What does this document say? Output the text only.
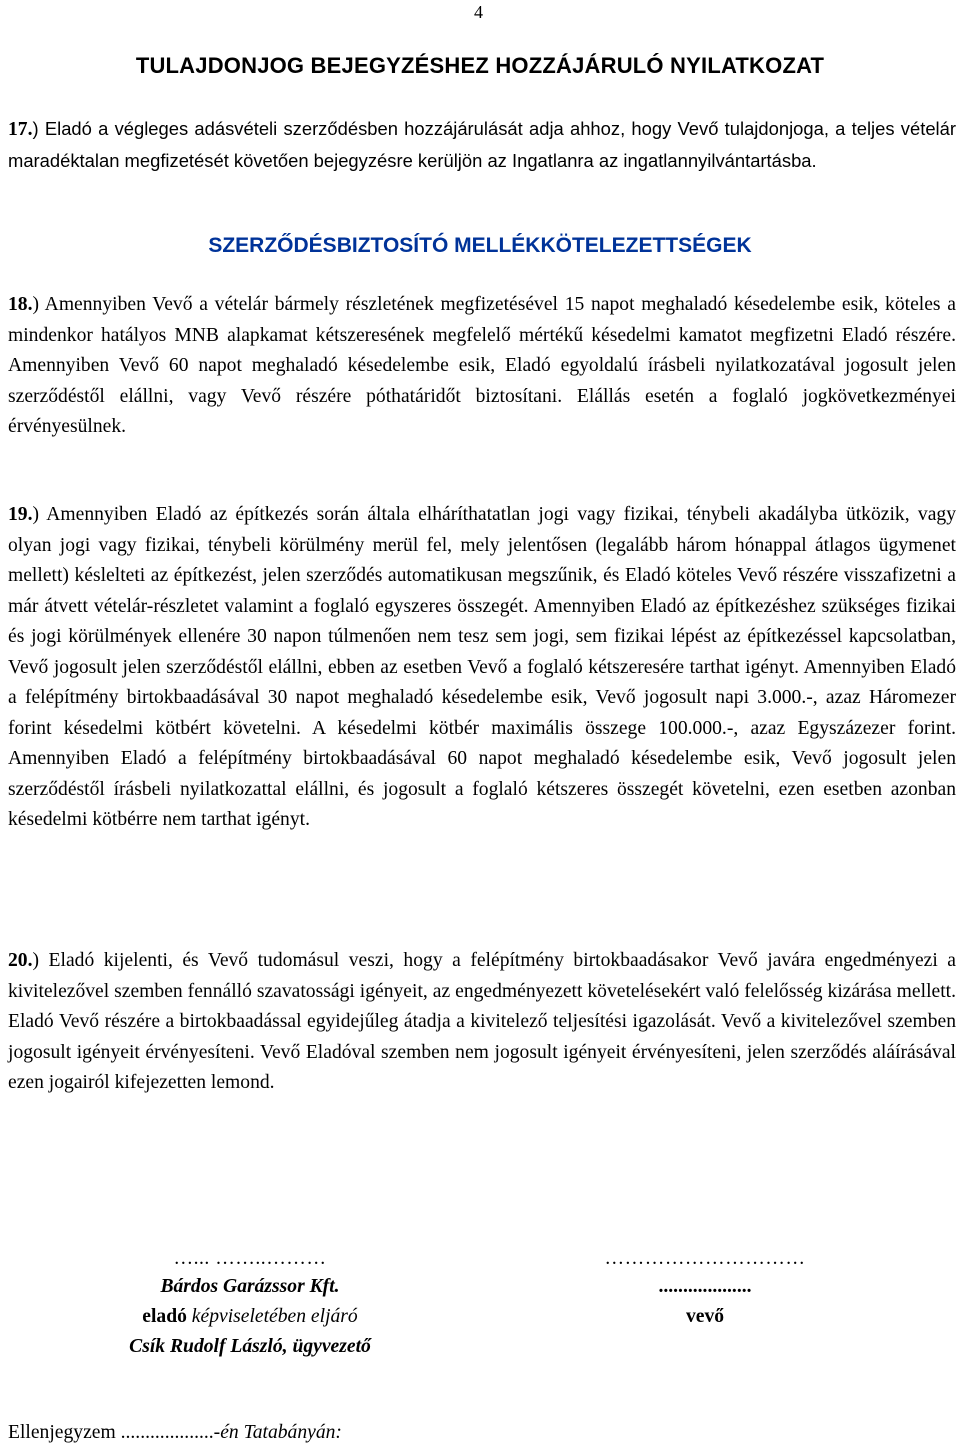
4
TULAJDONJOG BEJEGYZÉSHEZ HOZZÁJÁRULÓ NYILATKOZAT

17.) Eladó a végleges adásvételi szerződésben hozzájárulását adja ahhoz, hogy Vevő tulajdonjoga, a teljes vételár maradéktalan megfizetését követően bejegyzésre kerüljön az Ingatlanra az ingatlannyilvántartásba.

SZERZŐDÉSBIZTOSÍTÓ MELLÉKKÖTELEZETTSÉGEK

18.) Amennyiben Vevő a vételár bármely részletének megfizetésével 15 napot meghaladó késedelembe esik, köteles a mindenkor hatályos MNB alapkamat kétszeresének megfelelő mértékű késedelmi kamatot megfizetni Eladó részére. Amennyiben Vevő 60 napot meghaladó késedelembe esik, Eladó egyoldalú írásbeli nyilatkozatával jogosult jelen szerződéstől elállni, vagy Vevő részére póthatáridőt biztosítani. Elállás esetén a foglaló jogkövetkezményei érvényesülnek.

19.) Amennyiben Eladó az építkezés során általa elháríthatatlan jogi vagy fizikai, ténybeli akadályba ütközik, vagy olyan jogi vagy fizikai, ténybeli körülmény merül fel, mely jelentősen (legalább három hónappal átlagos ügymenet mellett) késlelteti az építkezést, jelen szerződés automatikusan megszűnik, és Eladó köteles Vevő részére visszafizetni a már átvett vételár-részletet valamint a foglaló egyszeres összegét. Amennyiben Eladó az építkezéshez szükséges fizikai és jogi körülmények ellenére 30 napon túlmenően nem tesz sem jogi, sem fizikai lépést az építkezéssel kapcsolatban, Vevő jogosult jelen szerződéstől elállni, ebben az esetben Vevő a foglaló kétszeresére tarthat igényt. Amennyiben Eladó a felépítmény birtokbaadásával 30 napot meghaladó késedelembe esik, Vevő jogosult napi 3.000.-, azaz Háromezer forint késedelmi kötbért követelni. A késedelmi kötbér maximális összege 100.000.-, azaz Egyszázezer forint. Amennyiben Eladó a felépítmény birtokbaadásával 60 napot meghaladó késedelembe esik, Vevő jogosult jelen szerződéstől írásbeli nyilatkozattal elállni, és jogosult a foglaló kétszeres összegét követelni, ezen esetben azonban késedelmi kötbérre nem tarthat igényt.

20.) Eladó kijelenti, és Vevő tudomásul veszi, hogy a felépítmény birtokbaadásakor Vevő javára engedményezi a kivitelezővel szemben fennálló szavatossági igényeit, az engedményezett követelésekért való felelősség kizárása mellett. Eladó Vevő részére a birtokbaadással egyidejűleg átadja a kivitelező teljesítési igazolását. Vevő a kivitelezővel szemben jogosult igényeit érvényesíteni. Vevő Eladóval szemben nem jogosult igényeit érvényesíteni, jelen szerződés aláírásával ezen jogairól kifejezetten lemond.

…... ……..………
Bárdos Garázssor Kft.
eladó képviseletében eljáró
Csík Rudolf László, ügyvezető
…………………………
...................
vevő
Ellenjegyzem ...................-én Tatabányán:
